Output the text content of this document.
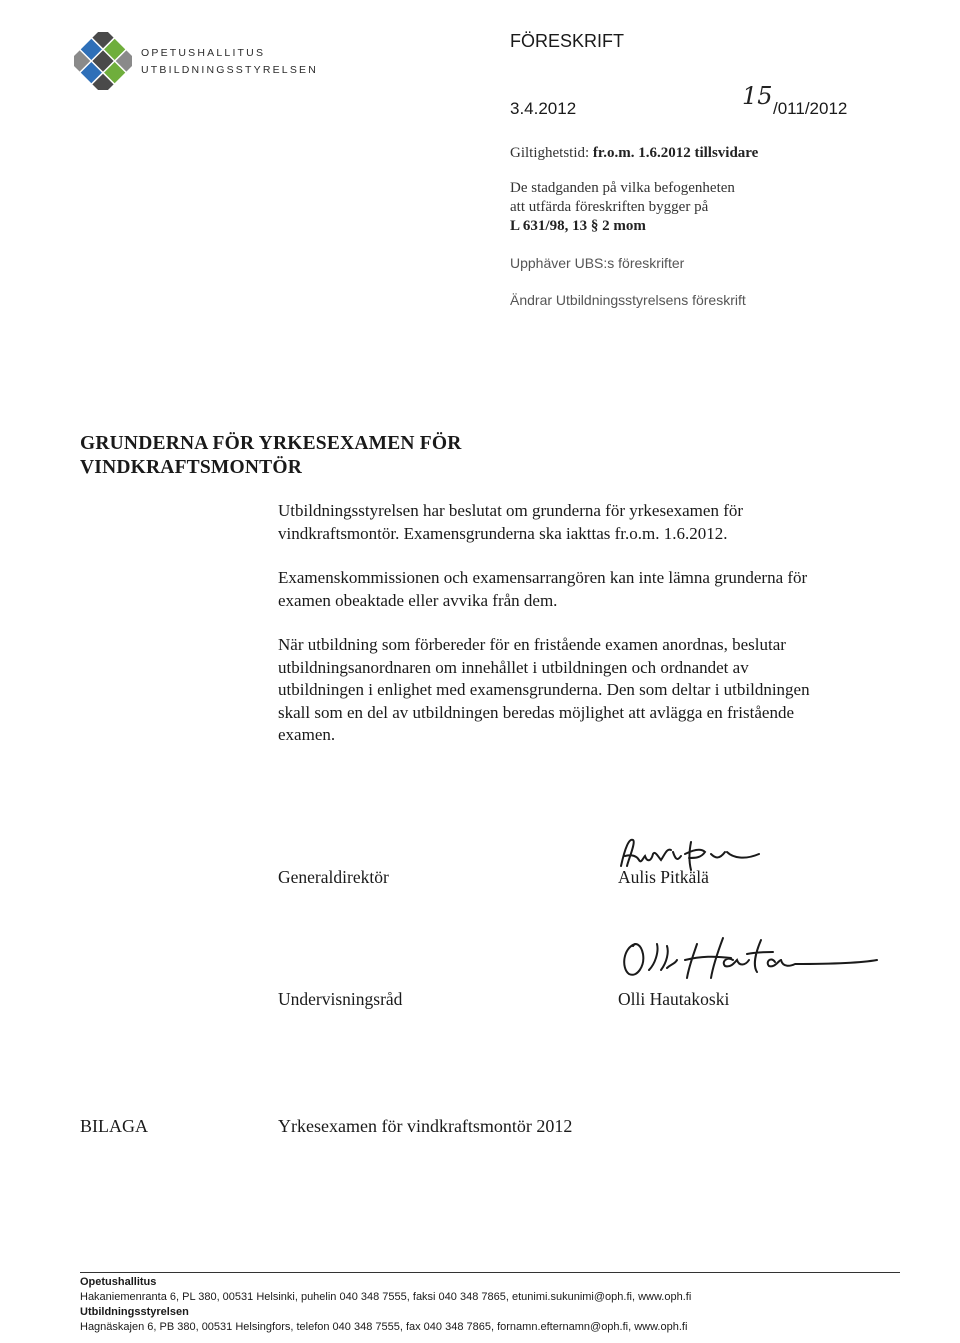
OPETUSHALLITUS
UTBILDNINGSSTYRELSEN
FÖRESKRIFT
3.4.2012	15 /011/2012
Giltighetstid: fr.o.m. 1.6.2012 tillsvidare
De stadganden på vilka befogenheten
att utfärda föreskriften bygger på
L 631/98, 13 § 2 mom
Upphäver UBS:s föreskrifter
Ändrar Utbildningsstyrelsens föreskrift
GRUNDERNA FÖR YRKESEXAMEN FÖR
VINDKRAFTSMONTÖR
Utbildningsstyrelsen har beslutat om grunderna för yrkesexamen för
vindkraftsmontör. Examensgrunderna ska iakttas fr.o.m. 1.6.2012.
Examenskommissionen och examensarrangören kan inte lämna grunderna för
examen obeaktade eller avvika från dem.
När utbildning som förbereder för en fristående examen anordnas, beslutar
utbildningsanordnaren om innehållet i utbildningen och ordnandet av
utbildningen i enlighet med examensgrunderna. Den som deltar i utbildningen
skall som en del av utbildningen beredas möjlighet att avlägga en fristående
examen.
Generaldirektör	Aulis Pitkälä
Undervisningsråd	Olli Hautakoski
BILAGA	Yrkesexamen för vindkraftsmontör 2012
Opetushallitus
Hakaniemenranta 6, PL 380, 00531 Helsinki, puhelin 040 348 7555, faksi 040 348 7865, etunimi.sukunimi@oph.fi, www.oph.fi
Utbildningsstyrelsen
Hagnäskajen 6, PB 380, 00531 Helsingfors, telefon 040 348 7555, fax 040 348 7865, fornamn.efternamn@oph.fi, www.oph.fi
